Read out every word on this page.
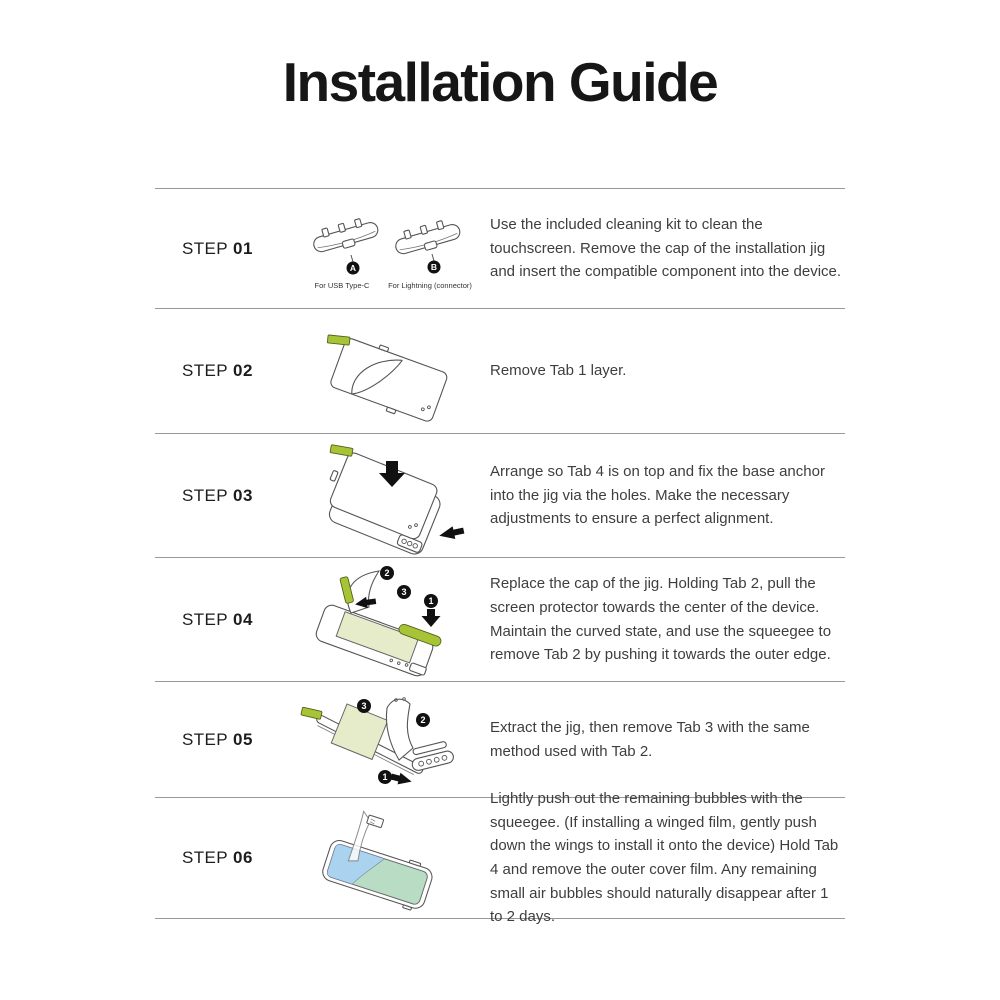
Installation Guide
STEP 01
A
For USB Type-C
B
For Lightning (connector)

Use the included cleaning kit to clean the touchscreen. Remove the cap of the installation jig and insert the compatible component into the device.

STEP 02	Remove Tab 1 layer.

STEP 03

Arrange so Tab 4 is on top and fix the base anchor into the jig via the holes. Make the necessary adjustments to ensure a perfect alignment.

STEP 04
2
3
1

Replace the cap of the jig. Holding Tab 2, pull the screen protector towards the center of the device. Maintain the curved state, and use the squeegee to remove Tab 2 by pushing it towards the outer edge.

STEP 05
3
2
1

Extract the jig, then remove Tab 3 with the same method used with Tab 2.

STEP 06

Lightly push out the remaining bubbles with the squeegee. (If installing a winged film, gently push down the wings to install it onto the device) Hold Tab 4 and remove the outer cover film. Any remaining small air bubbles should naturally disappear after 1 to 2 days.
